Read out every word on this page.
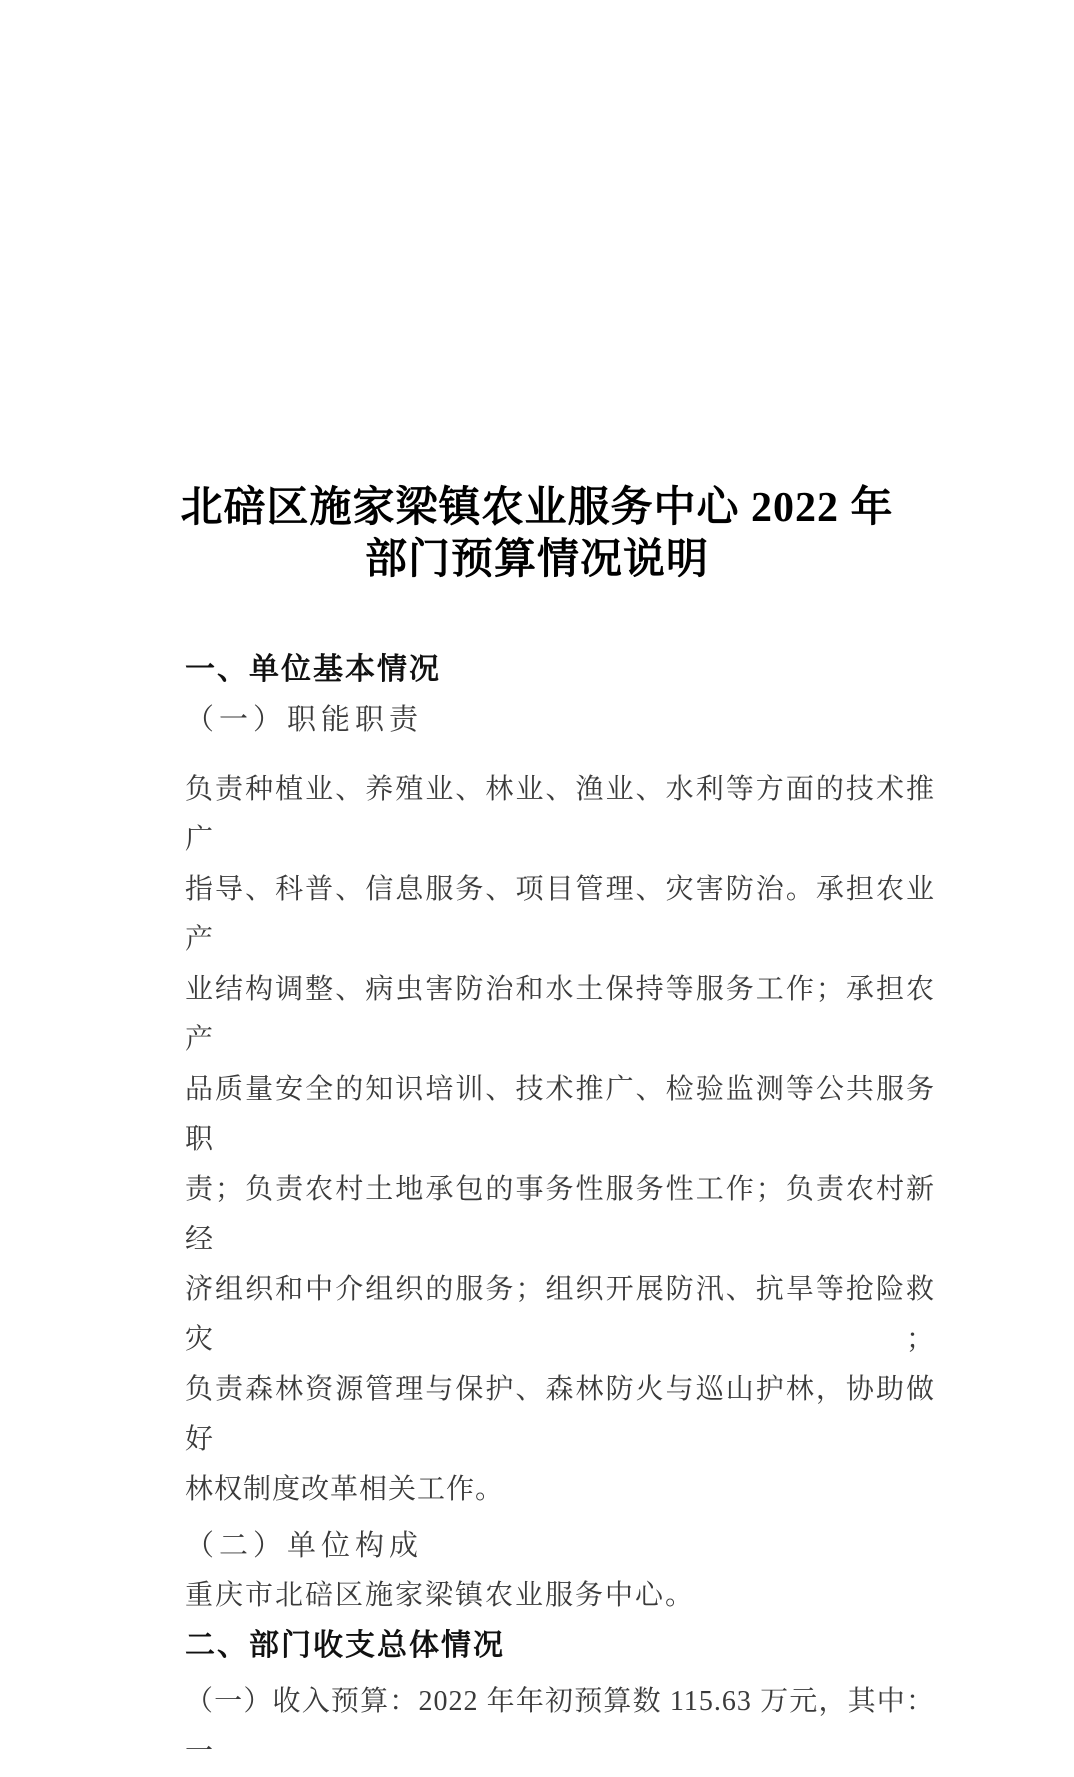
北碚区施家梁镇农业服务中心 2022 年
部门预算情况说明
一、单位基本情况
（一）职能职责
负责种植业、养殖业、林业、渔业、水利等方面的技术推广
指导、科普、信息服务、项目管理、灾害防治。承担农业产
业结构调整、病虫害防治和水土保持等服务工作；承担农产
品质量安全的知识培训、技术推广、检验监测等公共服务职
责；负责农村土地承包的事务性服务性工作；负责农村新经
济组织和中介组织的服务；组织开展防汛、抗旱等抢险救灾；
负责森林资源管理与保护、森林防火与巡山护林，协助做好
林权制度改革相关工作。
（二）单位构成
重庆市北碚区施家梁镇农业服务中心。
二、部门收支总体情况
（一）收入预算：2022 年年初预算数 115.63 万元，其中：一
